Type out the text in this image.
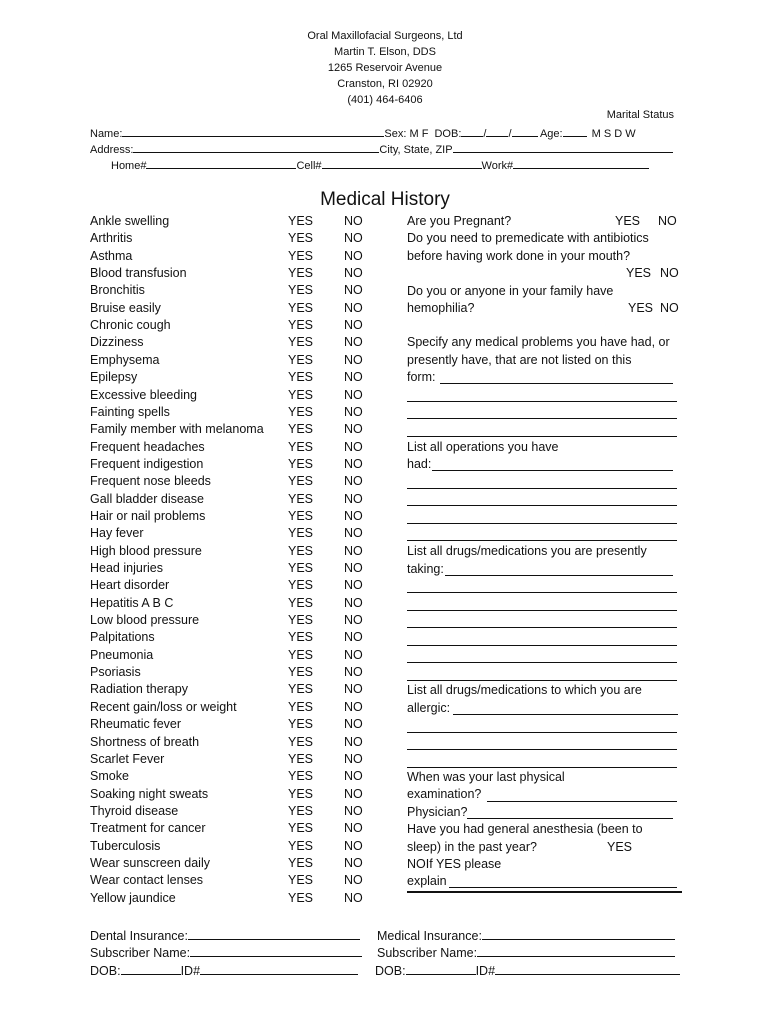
Oral Maxillofacial Surgeons, Ltd
Martin T. Elson, DDS
1265 Reservoir Avenue
Cranston, RI 02920
(401) 464-6406
Marital Status
Name:	Sex: M F DOB: / /	Age:	M S D W
Address:	City, State, ZIP
Home#	Cell#	Work#
Medical History
Ankle swelling	YES NO
Arthritis	YES NO
Asthma	YES NO
Blood transfusion	YES NO
Bronchitis	YES NO
Bruise easily	YES NO
Chronic cough	YES NO
Dizziness	YES NO
Emphysema	YES NO
Epilepsy	YES NO
Excessive bleeding	YES NO
Fainting spells	YES NO
Family member with melanoma YES NO
Frequent headaches	YES NO
Frequent indigestion	YES NO
Frequent nose bleeds	YES NO
Gall bladder disease	YES NO
Hair or nail problems	YES NO
Hay fever	YES NO
High blood pressure	YES NO
Head injuries	YES NO
Heart disorder	YES NO
Hepatitis A B C	YES NO
Low blood pressure	YES NO
Palpitations	YES NO
Pneumonia	YES NO
Psoriasis	YES NO
Radiation therapy	YES NO
Recent gain/loss or weight	YES NO
Rheumatic fever	YES NO
Shortness of breath	YES NO
Scarlet Fever	YES NO
Smoke	YES NO
Soaking night sweats	YES NO
Thyroid disease	YES NO
Treatment for cancer	YES NO
Tuberculosis	YES NO
Wear sunscreen daily	YES NO
Wear contact lenses	YES NO
Yellow jaundice	YES NO
Are you Pregnant?	YES NO
Do you need to premedicate with antibiotics
before having work done in your mouth?
YES NO
Do you or anyone in your family have
hemophilia?	YES NO
Specify any medical problems you have had, or
presently have, that are not listed on this
form:
List all operations you have
had:
List all drugs/medications you are presently
taking:
List all drugs/medications to which you are
allergic:
When was your last physical
examination?
Physician?
Have you had general anesthesia (been to
sleep) in the past year?	YES
NOIf YES please
explain
Dental Insurance:
Subscriber Name:
DOB:	ID#
Medical Insurance:
Subscriber Name:
DOB:	ID#
